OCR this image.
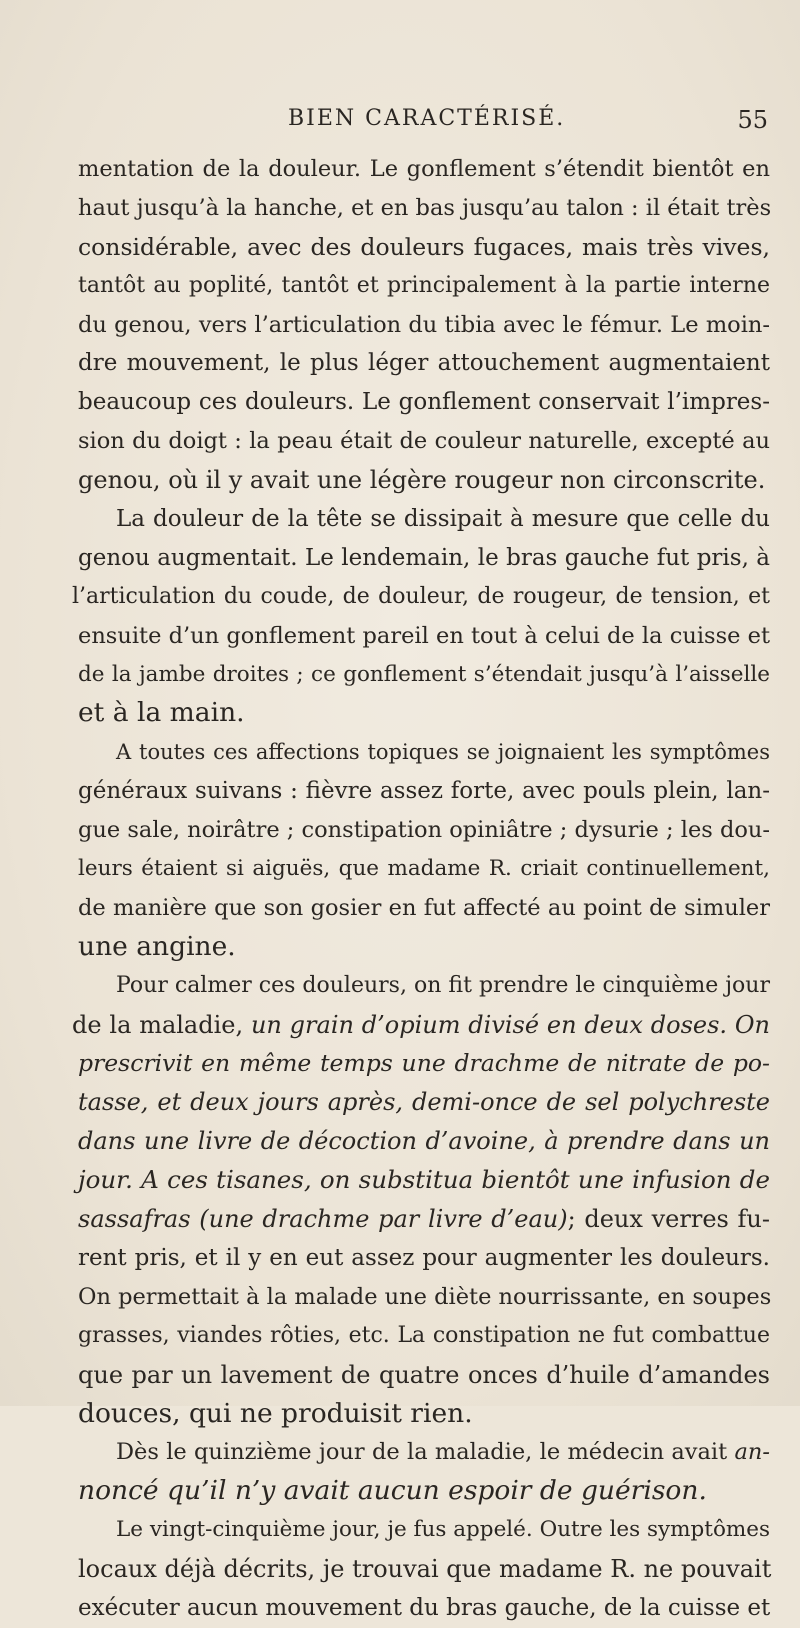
BIEN CARACTÉRISÉ.	55
mentation de la douleur. Le gonflement s’étendit bientôt en
haut jusqu’à la hanche, et en bas jusqu’au talon : il était très
considérable, avec des douleurs fugaces, mais très vives,
tantôt au poplité, tantôt et principalement à la partie interne
du genou, vers l’articulation du tibia avec le fémur. Le moin-
dre mouvement, le plus léger attouchement augmentaient
beaucoup ces douleurs. Le gonflement conservait l’impres-
sion du doigt : la peau était de couleur naturelle, excepté au
genou, où il y avait une légère rougeur non circonscrite.
La douleur de la tête se dissipait à mesure que celle du
genou augmentait. Le lendemain, le bras gauche fut pris, à
l’articulation du coude, de douleur, de rougeur, de tension, et
ensuite d’un gonflement pareil en tout à celui de la cuisse et
de la jambe droites ; ce gonflement s’étendait jusqu’à l’aisselle
et à la main.
A toutes ces affections topiques se joignaient les symptômes
généraux suivans : fièvre assez forte, avec pouls plein, lan-
gue sale, noirâtre ; constipation opiniâtre ; dysurie ; les dou-
leurs étaient si aiguës, que madame R. criait continuellement,
de manière que son gosier en fut affecté au point de simuler
une angine.
Pour calmer ces douleurs, on fit prendre le cinquième jour
de la maladie, un grain d’opium divisé en deux doses. On
prescrivit en même temps une drachme de nitrate de po-
tasse, et deux jours après, demi-once de sel polychreste
dans une livre de décoction d’avoine, à prendre dans un
jour. A ces tisanes, on substitua bientôt une infusion de
sassafras (une drachme par livre d’eau); deux verres fu-
rent pris, et il y en eut assez pour augmenter les douleurs.
On permettait à la malade une diète nourrissante, en soupes
grasses, viandes rôties, etc. La constipation ne fut combattue
que par un lavement de quatre onces d’huile d’amandes
douces, qui ne produisit rien.
Dès le quinzième jour de la maladie, le médecin avait an-
noncé qu’il n’y avait aucun espoir de guérison.
Le vingt-cinquième jour, je fus appelé. Outre les symptômes
locaux déjà décrits, je trouvai que madame R. ne pouvait
exécuter aucun mouvement du bras gauche, de la cuisse et
